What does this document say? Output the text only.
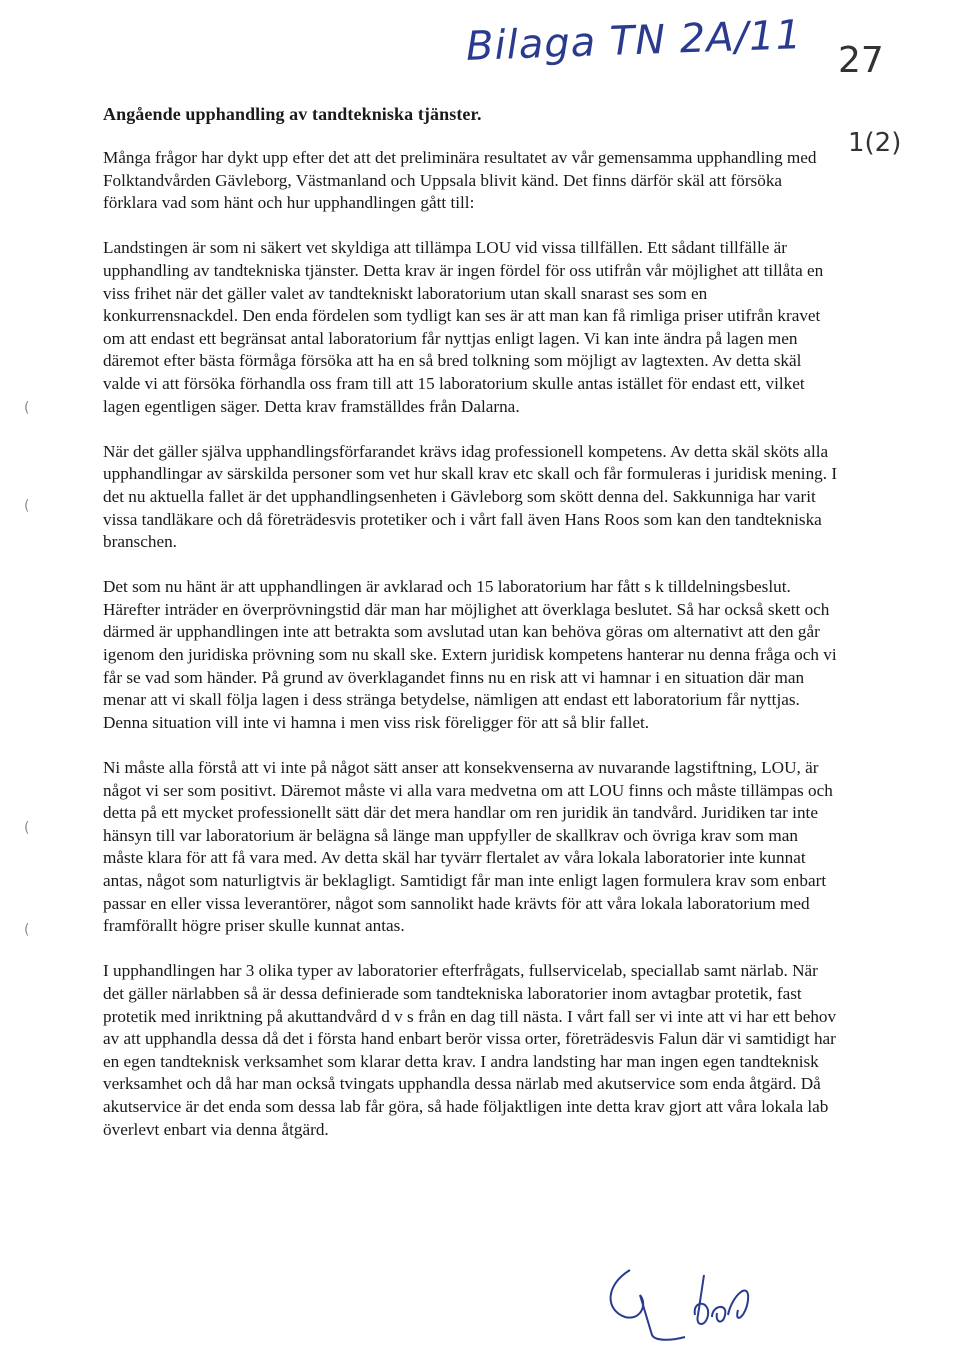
Bilaga TN 2A/11 27
1(2)
Angående upphandling av tandtekniska tjänster.

Många frågor har dykt upp efter det att det preliminära resultatet av vår gemensamma upphandling med Folktandvården Gävleborg, Västmanland och Uppsala blivit känd. Det finns därför skäl att försöka förklara vad som hänt och hur upphandlingen gått till:

Landstingen är som ni säkert vet skyldiga att tillämpa LOU vid vissa tillfällen. Ett sådant tillfälle är upphandling av tandtekniska tjänster. Detta krav är ingen fördel för oss utifrån vår möjlighet att tillåta en viss frihet när det gäller valet av tandtekniskt laboratorium utan skall snarast ses som en konkurrensnackdel. Den enda fördelen som tydligt kan ses är att man kan få rimliga priser utifrån kravet om att endast ett begränsat antal laboratorium får nyttjas enligt lagen. Vi kan inte ändra på lagen men däremot efter bästa förmåga försöka att ha en så bred tolkning som möjligt av lagtexten. Av detta skäl valde vi att försöka förhandla oss fram till att 15 laboratorium skulle antas istället för endast ett, vilket lagen egentligen säger. Detta krav framställdes från Dalarna.

När det gäller själva upphandlingsförfarandet krävs idag professionell kompetens. Av detta skäl sköts alla upphandlingar av särskilda personer som vet hur skall krav etc skall och får formuleras i juridisk mening. I det nu aktuella fallet är det upphandlingsenheten i Gävleborg som skött denna del. Sakkunniga har varit vissa tandläkare och då företrädesvis protetiker och i vårt fall även Hans Roos som kan den tandtekniska branschen.

Det som nu hänt är att upphandlingen är avklarad och 15 laboratorium har fått s k tilldelningsbeslut. Härefter inträder en överprövningstid där man har möjlighet att överklaga beslutet. Så har också skett och därmed är upphandlingen inte att betrakta som avslutad utan kan behöva göras om alternativt att den går igenom den juridiska prövning som nu skall ske. Extern juridisk kompetens hanterar nu denna fråga och vi får se vad som händer. På grund av överklagandet finns nu en risk att vi hamnar i en situation där man menar att vi skall följa lagen i dess stränga betydelse, nämligen att endast ett laboratorium får nyttjas. Denna situation vill inte vi hamna i men viss risk föreligger för att så blir fallet.

Ni måste alla förstå att vi inte på något sätt anser att konsekvenserna av nuvarande lagstiftning, LOU, är något vi ser som positivt. Däremot måste vi alla vara medvetna om att LOU finns och måste tillämpas och detta på ett mycket professionellt sätt där det mera handlar om ren juridik än tandvård. Juridiken tar inte hänsyn till var laboratorium är belägna så länge man uppfyller de skallkrav och övriga krav som man måste klara för att få vara med. Av detta skäl har tyvärr flertalet av våra lokala laboratorier inte kunnat antas, något som naturligtvis är beklagligt. Samtidigt får man inte enligt lagen formulera krav som enbart passar en eller vissa leverantörer, något som sannolikt hade krävts för att våra lokala laboratorium med framförallt högre priser skulle kunnat antas.

I upphandlingen har 3 olika typer av laboratorier efterfrågats, fullservicelab, speciallab samt närlab. När det gäller närlabben så är dessa definierade som tandtekniska laboratorier inom avtagbar protetik, fast protetik med inriktning på akuttandvård d v s från en dag till nästa. I vårt fall ser vi inte att vi har ett behov av att upphandla dessa då det i första hand enbart berör vissa orter, företrädesvis Falun där vi samtidigt har en egen tandteknisk verksamhet som klarar detta krav. I andra landsting har man ingen egen tandteknisk verksamhet och då har man också tvingats upphandla dessa närlab med akutservice som enda åtgärd. Då akutservice är det enda som dessa lab får göra, så hade följaktligen inte detta krav gjort att våra lokala lab överlevt enbart via denna åtgärd.

(
(
(
(
